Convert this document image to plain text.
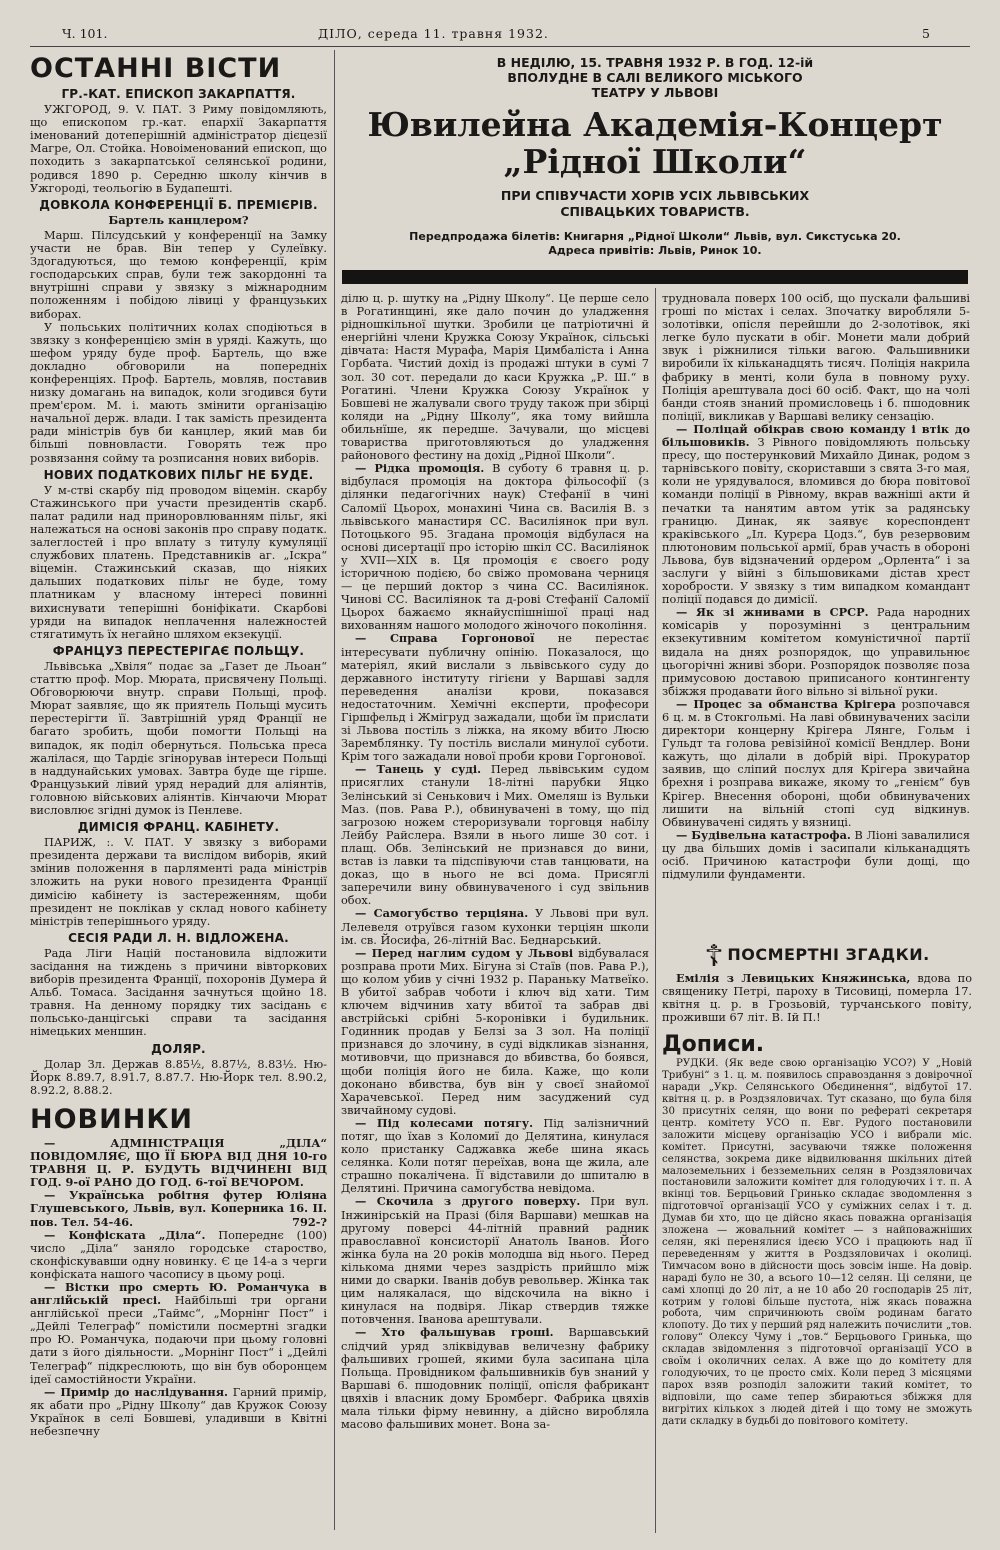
Ч. 101.	ДІЛО, середа 11. травня 1932.	5
ОСТАННІ ВІСТИ
ГР.-КАТ. ЕПИСКОП ЗАКАРПАТТЯ.

УЖГОРОД, 9. V. ПАТ. З Риму повідомляють, що епископом гр.-кат. епархії Закарпаття іменований дотеперішній адміністратор дієцезії Магре, Ол. Стойка. Новоіменований епископ, що походить з закарпатської селянської родини, родився 1890 р. Середню школу кінчив в Ужгороді, теольогію в Будапешті.

ДОВКОЛА КОНФЕРЕНЦІЇ Б. ПРЕМІЄРІВ.
Бартель канцлером?

Марш. Пілсудський у конференції на Замку участи не брав. Він тепер у Сулеївку. Здогадуються, що темою конференції, крім господарських справ, були теж закордонні та внутрішні справи у звязку з міжнародним положенням і побідою лівиці у французьких виборах.

У польських політичних колах сподіються в звязку з конференцією змін в уряді. Кажуть, що шефом уряду буде проф. Бартель, що вже докладно обговорили на попередніх конференціях. Проф. Бартель, мовляв, поставив низку домагань на випадок, коли згодився бути прем'єром. М. і. мають змінити організацію начальної держ. влади. І так замість президента ради міністрів був би канцлер, який мав би більші повновласти. Говорять теж про розвязання сойму та розписання нових виборів.

НОВИХ ПОДАТКОВИХ ПІЛЬГ НЕ БУДЕ.

У м-стві скарбу під проводом віцемін. скарбу Стажинського при участи президентів скарб. палат радили над приноровлюванням пільг, які належаться на основі законів про справу податк. залеглостей і про вплату з титулу кумуляції службових платень. Представників аг. „Іскра“ віцемін. Стажинський сказав, що ніяких дальших податкових пільг не буде, тому платникам у власному інтересі повинні вихиснувати теперішні боніфікати. Скарбові уряди на випадок неплачення належностей стягатимуть їх негайно шляхом екзекуції.

ФРАНЦУЗ ПЕРЕСТЕРІГАЄ ПОЛЬЩУ.

Львівська „Хвіля“ подає за „Газет де Льоан“ статтю проф. Мор. Мюрата, присвячену Польщі. Обговорюючи внутр. справи Польщі, проф. Мюрат заявляє, що як приятель Польщі мусить перестерігти її. Завтрішній уряд Франції не багато зробить, щоби помогти Польщі на випадок, як поділ обернуться. Польська преса жалілася, що Тардіє згінорував інтереси Польщі в наддунайських умовах. Завтра буде ще гірше. Французький лівий уряд нерадий для аліянтів, головною військових аліянтів. Кінчаючи Мюрат висловлює згідні думок із Пенлеве.

ДИМІСІЯ ФРАНЦ. КАБІНЕТУ.

ПАРИЖ, :. V. ПАТ. У звязку з виборами президента держави та вислідом виборів, який змінив положення в парляменті рада міністрів зложить на руки нового президента Франції димісію кабінету із застереженням, щоби президент не поклікав у склад нового кабінету міністрів теперішнього уряду.

СЕСІЯ РАДИ Л. Н. ВІДЛОЖЕНА.

Рада Ліги Націй постановила відложити засідання на тиждень з причини вівторкових виборів президента Франції, похоронів Думера й Альб. Томаса. Засідання зачнуться щойно 18. травня. На денному порядку тих засідань є польсько-данцігські справи та засідання німецьких меншин.

ДОЛЯР.

Долар Зл. Держав 8.85½, 8.87½, 8.83½. Ню-Йорк 8.89.7, 8.91.7, 8.87.7. Ню-Йорк тел. 8.90.2, 8.92.2, 8.88.2.

НОВИНКИ

— АДМІНІСТРАЦІЯ „ДІЛА“ ПОВІДОМЛЯЄ, ЩО ЇЇ БЮРА ВІД ДНЯ 10-го ТРАВНЯ Ц. Р. БУДУТЬ ВІДЧИНЕНІ ВІД ГОД. 9-ої РАНО ДО ГОД. 6-тої ВЕЧОРОМ.

— Українська робітня футер Юліяна Глушевського, Львів, вул. Коперника 16. II. пов. Тел. 54-46.	792-?

— Конфіската „Діла“. Попереднє (100) число „Діла“ заняло городське староство, сконфіскувавши одну новинку. Є це 14-а з черги конфіската нашого часопису в цьому році.

— Вістки про смерть Ю. Романчука в англійській пресі. Найбільші три органи англійської преси „Таймс“, „Морнінг Пост“ і „Дейлі Телеграф“ помістили посмертні згадки про Ю. Романчука, подаючи при цьому головні дати з його діяльности. „Морнінг Пост“ і „Дейлі Телеграф“ підкреслюють, що він був оборонцем ідеї самостійности України.

— Примір до наслідування. Гарний примір, як абати про „Рідну Школу“ дав Кружок Союзу Українок в селі Бовшеві, уладивши в Квітні небезпечну

В НЕДІЛЮ, 15. ТРАВНЯ 1932 Р. В ГОД. 12-ій
ВПОЛУДНЕ В САЛІ ВЕЛИКОГО МІСЬКОГО
ТЕАТРУ У ЛЬВОВІ
Ювилейна Академія-Концерт
„Рідної Школи“
ПРИ СПІВУЧАСТИ ХОРІВ УСІХ ЛЬВІВСЬКИХ
СПІВАЦЬКИХ ТОВАРИСТВ.
Передпродажа білетів: Книгарня „Рідної Школи“ Львів, вул. Сикстуська 20.
Адреса привітів: Львів, Ринок 10.

ділю ц. р. шутку на „Рідну Школу“. Це перше село в Рогатинщині, яке дало почин до уладження рідношкільної шутки. Зробили це патріотичні й енергійні члени Кружка Союзу Українок, сільські дівчата: Настя Мурафа, Марія Цимбаліста і Анна Горбата. Чистий дохід із продажі штуки в сумі 7 зол. 30 сот. передали до каси Кружка „Р. Ш.“ в Рогатині. Члени Кружка Союзу Українок у Бовшеві не жалували свого труду також при збірці коляди на „Рідну Школу“, яка тому вийшла обильнїше, як передше. Зачували, що місцеві товариства приготовляються до уладження районового фестину на дохід „Рідної Школи“.

— Рідка промоція. В суботу 6 травня ц. р. відбулася промоція на доктора фільософії (з ділянки педагогічних наук) Стефанії в чині Саломії Цьорох, монахині Чина св. Василія В. з львівського манастиря СС. Василіянок при вул. Потоцького 95. Згадана промоція відбулася на основі дисертації про історію шкіл СС. Василіянок у XVII—XIX в. Ця промоція є своєго роду історичною подією, бо свіжо промована черниця — це перший доктор з чина СС. Василіянок. Чинові СС. Василіянок та д-рові Стефанії Саломії Цьорох бажаємо якнайуспішнішої праці над вихованням нашого молодого жіночого покоління.

— Справа Горгонової не перестає інтересувати публичну опінію. Показалося, що матеріял, який вислали з львівського суду до державного інституту гігієни у Варшаві задля переведення аналізи крови, показався недостаточним. Хемічні експерти, професори Гіршфельд і Жмігруд зажадали, щоби їм прислати зі Львова постіль з ліжка, на якому вбито Люсю Заремблянку. Ту постіль вислали минулої суботи. Крім того зажадали нової проби крови Горгонової.

— Танець у суді. Перед львівським судом присяглих станули 18-літні парубки Яцко Зелінський зі Сенькович і Мих. Омеляш із Вульки Маз. (пов. Рава Р.), обвинувачені в тому, що під загрозою ножем стероризували торговця набілу Лейбу Райслера. Взяли в нього лише 30 сот. і плащ. Обв. Зелінський не признався до вини, встав із лавки та підспівуючи став танцювати, на доказ, що в нього не всі дома. Присяглі заперечили вину обвинуваченого і суд звільнив обох.

— Самогубство терціяна. У Львові при вул. Лелевеля отруївся газом кухонки терціян школи ім. св. Йосифа, 26-літній Вас. Беднарський.

— Перед наглим судом у Львові відбувалася розправа проти Мих. Бігуна зі Стаїв (пов. Рава Р.), що колом убив у січні 1932 р. Параньку Матвеїко. В убитої забрав чоботи і ключ від хати. Тим ключем відчинив хату вбитої та забрав дві австрійські срібні 5-коронівки і будильник. Годинник продав у Белзі за 3 зол. На поліції признався до злочину, в суді відкликав зізнання, мотивовчи, що признався до вбивства, бо боявся, щоби поліція його не била. Каже, що коли доконано вбивства, був він у своєї знайомої Харачевської. Перед ним засуджений суд звичайному судові.

— Під колесами потягу. Під залізничний потяг, що їхав з Коломиї до Делятина, кинулася коло пристанку Саджавка жебе шина якась селянка. Коли потяг переїхав, вона ще жила, але страшно покалічена. Її відставили до шпиталю в Делятині. Причина самогубства невідома.

— Скочила з другого поверху. При вул. Інжинірській на Празі (біля Варшави) мешкав на другому поверсі 44-літній правний радник православної консисторії Анатоль Іванов. Його жінка була на 20 років молодша від нього. Перед кількома днями через заздрість прийшло між ними до сварки. Іванів добув револьвер. Жінка так цим налякалася, що відскочила на вікно і кинулася на подвіря. Лікар ствердив тяжке потовчення. Іванова арештували.

— Хто фальшував гроші. Варшавський слідчий уряд зліквідував величезну фабрику фальшивих грошей, якими була засипана ціла Польща. Провідником фальшивників був знаний у Варшаві 6. пшодовник поліції, опісля фабрикант цвяхів і власник дому Бромберг. Фабрика цвяхів мала тільки фірму невинну, а дійсно виробляла масово фальшивих монет. Вона за-

трудновала поверх 100 осіб, що пускали фальшиві гроші по містах і селах. Зпочатку виробляли 5-золотівки, опісля перейшли до 2-золотівок, які легке було пускати в обіг. Монети мали добрий звук і ріжнилися тільки вагою. Фальшивники виробили їх кільканадцять тисяч. Поліція накрила фабрику в менті, коли була в повному руху. Поліція арештувала досі 60 осіб. Факт, що на чолі банди стояв знаний промисловець і б. пшодовник поліції, викликав у Варшаві велику сензацію.

— Поліцай обікрав свою команду і втік до більшовиків. З Рівного повідомляють польську пресу, що постерунковий Михайло Динак, родом з тарнівського повіту, скориставши з свята 3-го мая, коли не урядувалося, вломився до бюра повітової команди поліції в Рівному, вкрав важніші акти й печатки та нанятим автом утік за радянську границю. Динак, як заявує кореспондент краківського „Іл. Курєра Цодз.“, був резервовим плютоновим польської армії, брав участь в обороні Львова, був відзначений ордером „Орлента“ і за заслуги у війні з більшовиками дістав хрест хоробрости. У звязку з тим випадком командант поліції подався до димісії.

— Як зі жнивами в СРСР. Рада народних комісарів у порозумінні з центральним екзекутивним комітетом комуністичної партії видала на днях розпорядок, що управильнює цьогорічні жниві збори. Розпорядок позволяє поза примусовою доставою приписаного контингенту збіжжя продавати його вільно зі вільної руки.

— Процес за обманства Крігера розпочався 6 ц. м. в Стокгольмі. На лаві обвинувачених засіли директори концерну Крігера Лянге, Гольм і Гульдт та голова ревізійної комісії Вендлер. Вони кажуть, що ділали в добрій вірі. Прокуратор заявив, що сліпий послух для Крігера звичайна брехня і розправа викаже, якому то „генієм“ був Крігер. Внесення обороні, щоби обвинувачених лишити на вільній стопі суд відкинув. Обвинувачені сидять у вязниці.

— Будівельна катастрофа. В Ліоні завалилися цу два більших домів і засипали кільканадцять осіб. Причиною катастрофи були дощі, що підмулили фундаменти.

☦ ПОСМЕРТНІ ЗГАДКИ.

Емілія з Левицьких Княжинська, вдова по священику Петрі, пароху в Тисовиці, померла 17. квітня ц. р. в Грозьовій, турчанського повіту, проживши 67 літ. В. Ій П.!

Дописи.

РУДКИ. (Як веде свою організацію УСО?) У „Новій Трибуні“ з 1. ц. м. появилось справоздання з довірочної наради „Укр. Селянського Обєдинення“, відбутої 17. квітня ц. р. в Роздзяловичах. Тут сказано, що була біля 30 присутніх селян, що вони по рефераті секретаря центр. комітету УСО п. Евг. Рудого постановили заложити місцеву організацію УСО і вибрали міс. комітет. Присутні, засуваючи тяжке положення селянства, зокрема дике відвилювання шкільних дітей малоземельних і безземельних селян в Роздзяловичах постановили заложити комітет для голодуючих і т. п. А вкінці тов. Берцьовий Гринько складає зводомлення з підготовчої організації УСО у суміжних селах і т. д. Думав би хто, що це дійсно якась поважна організація зложена — жовальний комітет — з найповажніших селян, які перенялися ідеєю УСО і працюють над її переведенням у життя в Роздзяловичах і околиці. Тимчасом воно в дійсности щось зовсім інше. На довір. нараді було не 30, а всього 10—12 селян. Ці селяни, це самі хлопці до 20 літ, а не 10 або 20 господарів 25 літ, котрим у голові більше пустота, ніж якась поважна робота, чим спричинюють своїм родинам багато клопоту. До тих у перший ряд належить почислити „тов. голову“ Олексу Чуму і „тов.“ Берцьового Гринька, що складав звідомлення з підготовчої організації УСО в своїм і околичних селах. А вже що до комітету для голодуючих, то це просто сміх. Коли перед 3 місяцями парох взяв розподіл заложити такий комітет, то відповіли, що саме тепер збираються збіжжя для вигрітих кількох з людей дітей і що тому не зможуть дати складку в будьбі до повітового комітету.
